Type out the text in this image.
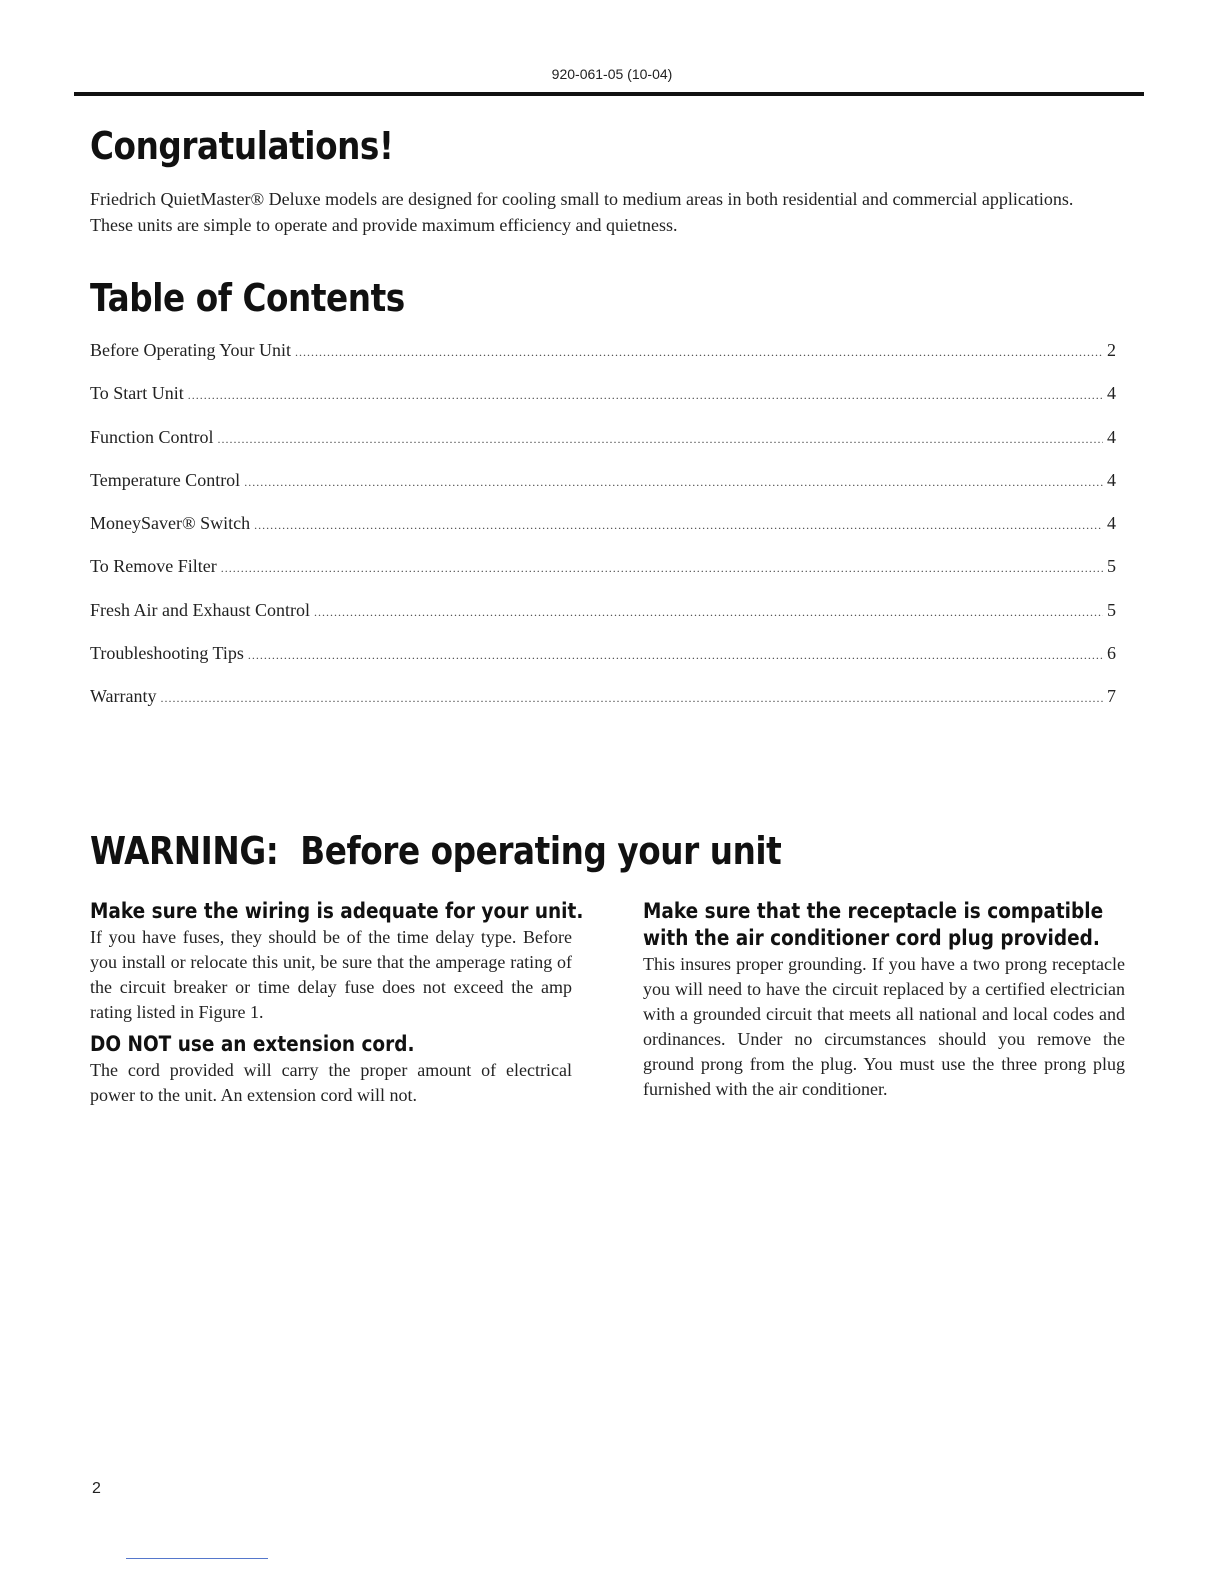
920-061-05 (10-04)
Congratulations!

Friedrich QuietMaster® Deluxe models are designed for cooling small to medium areas in both residential and commercial applications. These units are simple to operate and provide maximum efficiency and quietness.

Table of Contents
Before Operating Your Unit .....	2
To Start Unit .....	4
Function Control .....	4
Temperature Control .....	4
MoneySaver® Switch .....	4
To Remove Filter .....	5
Fresh Air and Exhaust Control .....	5
Troubleshooting Tips .....	6
Warranty .....	7
WARNING:  Before operating your unit
Make sure the wiring is adequate for your unit.

If you have fuses, they should be of the time delay type. Before you install or relocate this unit, be sure that the amperage rating of the circuit breaker or time delay fuse does not exceed the amp rating listed in Figure 1.

DO NOT use an extension cord.

The cord provided will carry the proper amount of electrical power to the unit. An extension cord will not.

Make sure that the receptacle is compatible with the air conditioner cord plug provided.

This insures proper grounding. If you have a two prong receptacle you will need to have the circuit replaced by a certified electrician with a grounded circuit that meets all national and local codes and ordinances. Under no circumstances should you remove the ground prong from the plug. You must use the three prong plug furnished with the air conditioner.

2
